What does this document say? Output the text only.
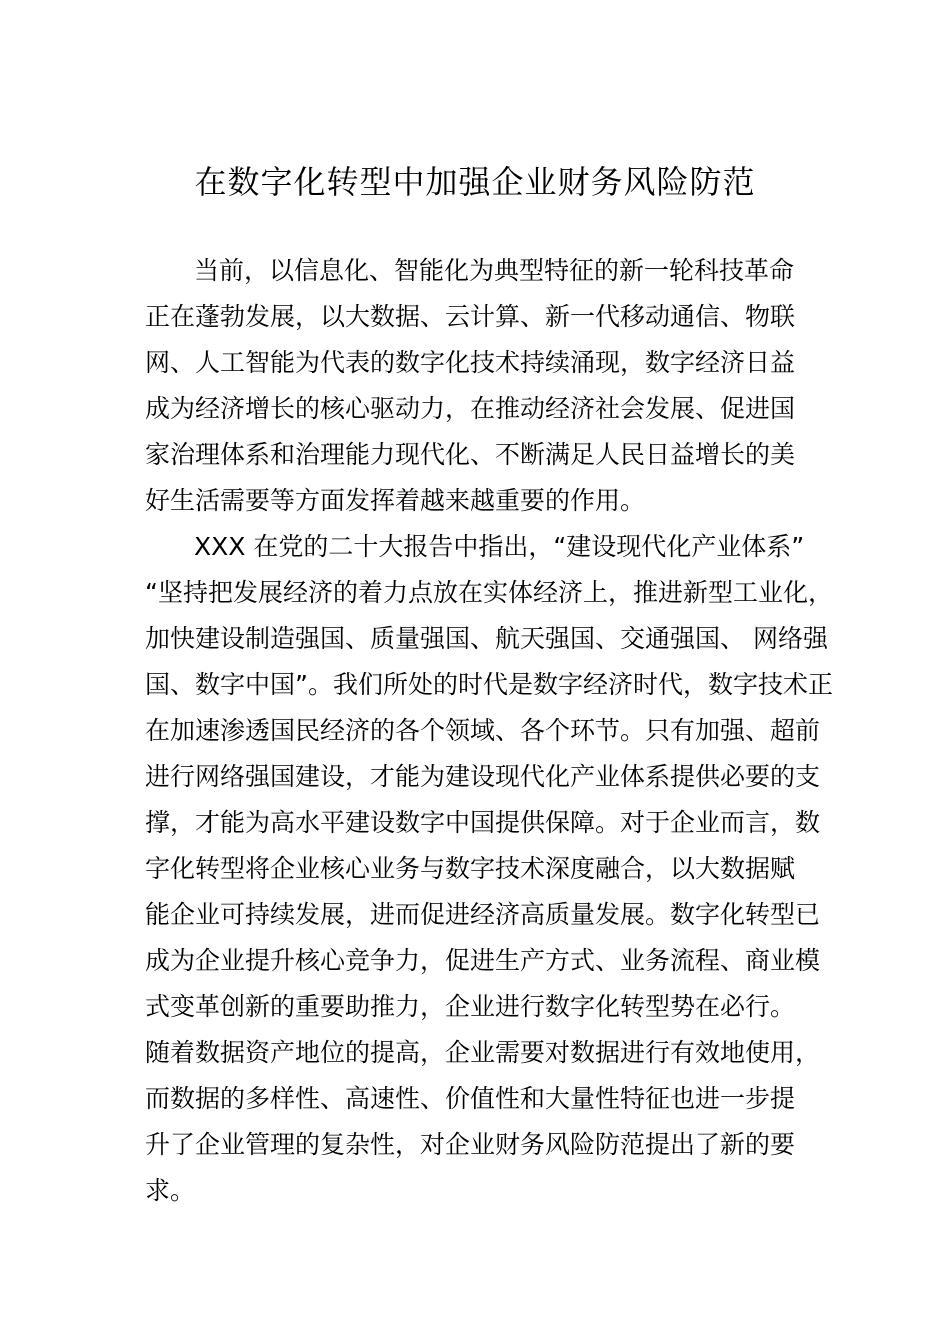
在数字化转型中加强企业财务风险防范

当前，以信息化、智能化为典型特征的新一轮科技革命

正在蓬勃发展，以大数据、云计算、新一代移动通信、物联

网、人工智能为代表的数字化技术持续涌现，数字经济日益

成为经济增长的核心驱动力，在推动经济社会发展、促进国

家治理体系和治理能力现代化、不断满足人民日益增长的美

好生活需要等方面发挥着越来越重要的作用。

XXX 在党的二十大报告中指出，“建设现代化产业体系”

“坚持把发展经济的着力点放在实体经济上，推进新型工业化，

加快建设制造强国、质量强国、航天强国、交通强国、 网络强

国、数字中国”。我们所处的时代是数字经济时代，数字技术正

在加速渗透国民经济的各个领域、各个环节。只有加强、超前

进行网络强国建设，才能为建设现代化产业体系提供必要的支

撑，才能为高水平建设数字中国提供保障。对于企业而言，数

字化转型将企业核心业务与数字技术深度融合，以大数据赋

能企业可持续发展，进而促进经济高质量发展。数字化转型已

成为企业提升核心竞争力，促进生产方式、业务流程、商业模

式变革创新的重要助推力，企业进行数字化转型势在必行。

随着数据资产地位的提高，企业需要对数据进行有效地使用，

而数据的多样性、高速性、价值性和大量性特征也进一步提

升了企业管理的复杂性，对企业财务风险防范提出了新的要

求。
